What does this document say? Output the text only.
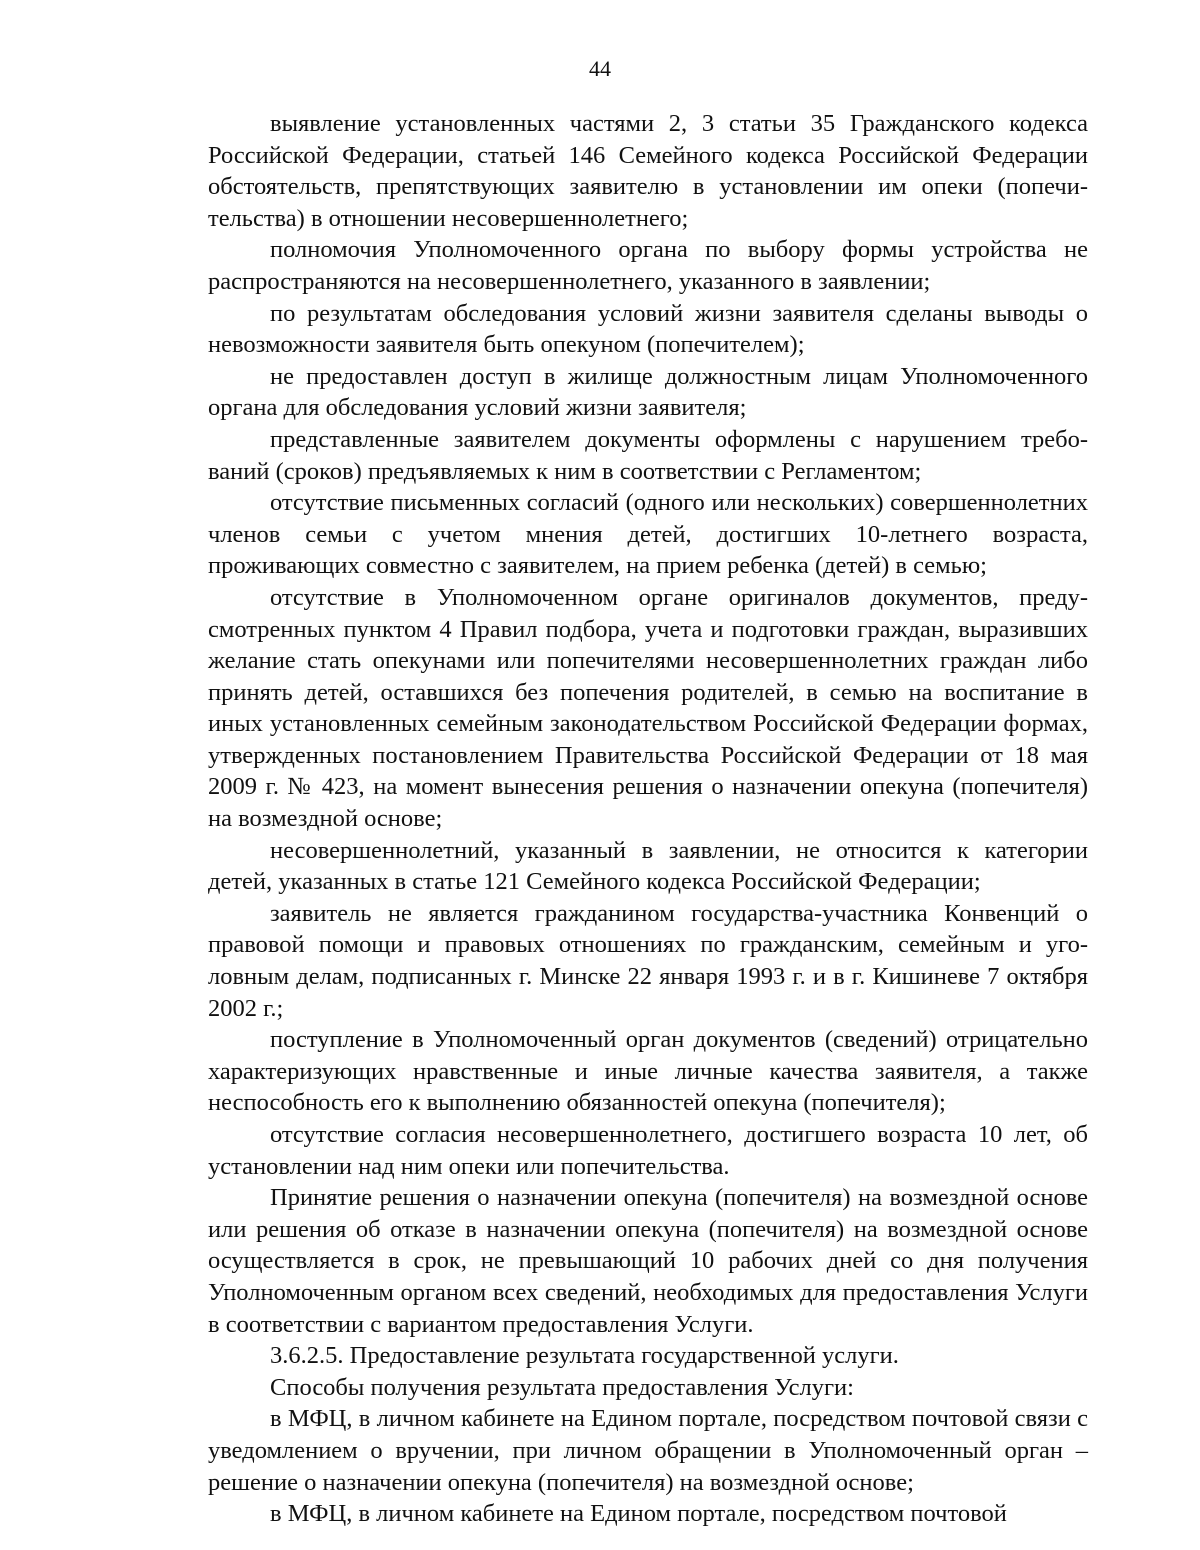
44

выявление установленных частями 2, 3 статьи 35 Гражданского кодекса Российской Федерации, статьей 146 Семейного кодекса Российской Федерации обстоятельств, препятствующих заявителю в установлении им опеки (попечительства) в отношении несовершеннолетнего;

полномочия Уполномоченного органа по выбору формы устройства не распространяются на несовершеннолетнего, указанного в заявлении;

по результатам обследования условий жизни заявителя сделаны выводы о невозможности заявителя быть опекуном (попечителем);

не предоставлен доступ в жилище должностным лицам Уполномоченного органа для обследования условий жизни заявителя;

представленные заявителем документы оформлены с нарушением требований (сроков) предъявляемых к ним в соответствии с Регламентом;

отсутствие письменных согласий (одного или нескольких) совершеннолетних членов семьи с учетом мнения детей, достигших 10-летнего возраста, проживающих совместно с заявителем, на прием ребенка (детей) в семью;

отсутствие в Уполномоченном органе оригиналов документов, предусмотренных пунктом 4 Правил подбора, учета и подготовки граждан, выразивших желание стать опекунами или попечителями несовершеннолетних граждан либо принять детей, оставшихся без попечения родителей, в семью на воспитание в иных установленных семейным законодательством Российской Федерации формах, утвержденных постановлением Правительства Российской Федерации от 18 мая 2009 г. № 423, на момент вынесения решения о назначении опекуна (попечителя) на возмездной основе;

несовершеннолетний, указанный в заявлении, не относится к категории детей, указанных в статье 121 Семейного кодекса Российской Федерации;

заявитель не является гражданином государства-участника Конвенций о правовой помощи и правовых отношениях по гражданским, семейным и уголовным делам, подписанных г. Минске 22 января 1993 г. и в г. Кишиневе 7 октября 2002 г.;

поступление в Уполномоченный орган документов (сведений) отрицательно характеризующих нравственные и иные личные качества заявителя, а также неспособность его к выполнению обязанностей опекуна (попечителя);

отсутствие согласия несовершеннолетнего, достигшего возраста 10 лет, об установлении над ним опеки или попечительства.

Принятие решения о назначении опекуна (попечителя) на возмездной основе или решения об отказе в назначении опекуна (попечителя) на возмездной основе осуществляется в срок, не превышающий 10 рабочих дней со дня получения Уполномоченным органом всех сведений, необходимых для предоставления Услуги в соответствии с вариантом предоставления Услуги.

3.6.2.5. Предоставление результата государственной услуги.

Способы получения результата предоставления Услуги:

в МФЦ, в личном кабинете на Едином портале, посредством почтовой связи с уведомлением о вручении, при личном обращении в Уполномоченный орган – решение о назначении опекуна (попечителя) на возмездной основе;

в МФЦ, в личном кабинете на Едином портале, посредством почтовой
